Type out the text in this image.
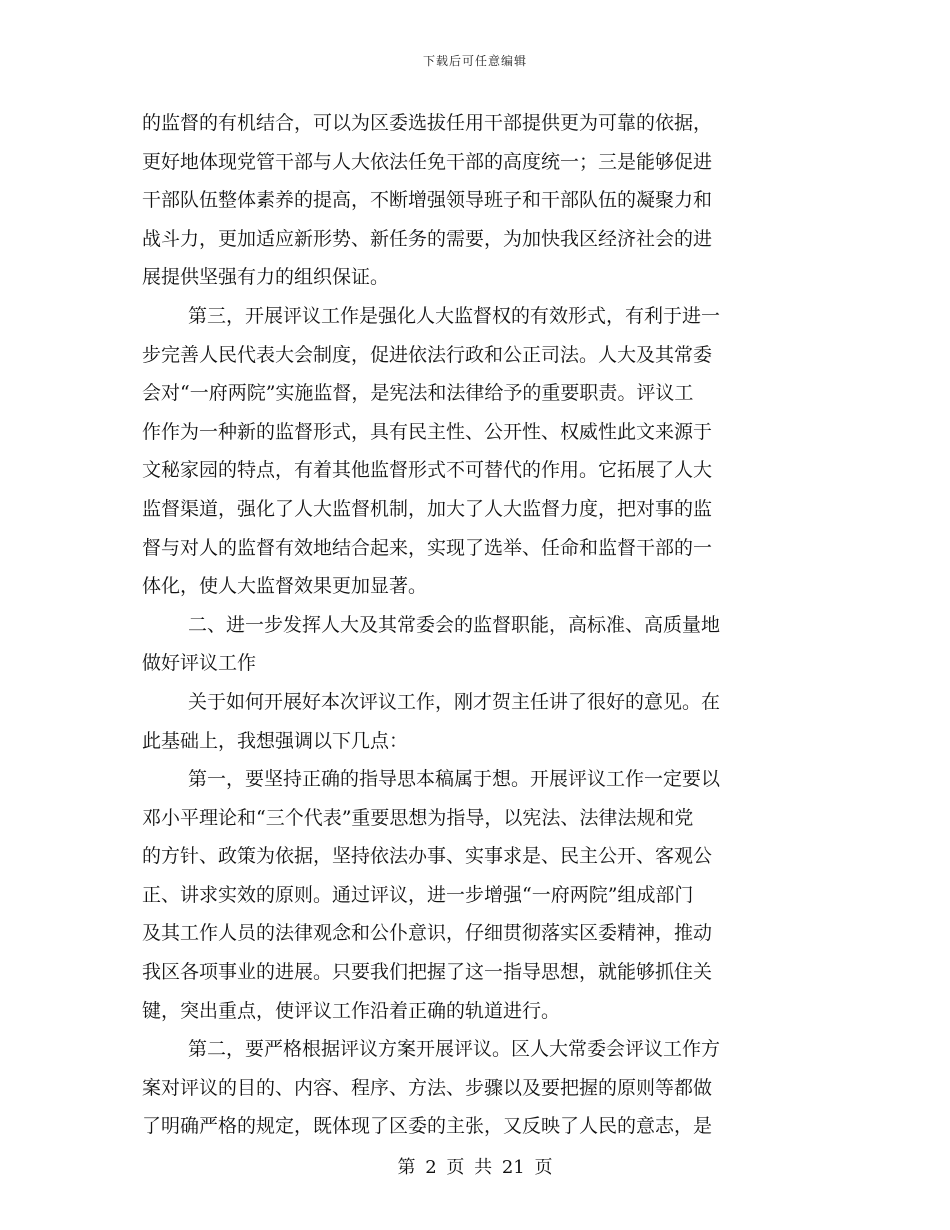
下载后可任意编辑
的监督的有机结合，可以为区委选拔任用干部提供更为可靠的依据，
更好地体现党管干部与人大依法任免干部的高度统一；三是能够促进
干部队伍整体素养的提高，不断增强领导班子和干部队伍的凝聚力和
战斗力，更加适应新形势、新任务的需要，为加快我区经济社会的进
展提供坚强有力的组织保证。
第三，开展评议工作是强化人大监督权的有效形式，有利于进一
步完善人民代表大会制度，促进依法行政和公正司法。人大及其常委
会对“一府两院”实施监督，是宪法和法律给予的重要职责。评议工
作作为一种新的监督形式，具有民主性、公开性、权威性此文来源于
文秘家园的特点，有着其他监督形式不可替代的作用。它拓展了人大
监督渠道，强化了人大监督机制，加大了人大监督力度，把对事的监
督与对人的监督有效地结合起来，实现了选举、任命和监督干部的一
体化，使人大监督效果更加显著。
二、进一步发挥人大及其常委会的监督职能，高标准、高质量地
做好评议工作
关于如何开展好本次评议工作，刚才贺主任讲了很好的意见。在
此基础上，我想强调以下几点：
第一，要坚持正确的指导思本稿属于想。开展评议工作一定要以
邓小平理论和“三个代表”重要思想为指导，以宪法、法律法规和党
的方针、政策为依据，坚持依法办事、实事求是、民主公开、客观公
正、讲求实效的原则。通过评议，进一步增强“一府两院”组成部门
及其工作人员的法律观念和公仆意识，仔细贯彻落实区委精神，推动
我区各项事业的进展。只要我们把握了这一指导思想，就能够抓住关
键，突出重点，使评议工作沿着正确的轨道进行。
第二，要严格根据评议方案开展评议。区人大常委会评议工作方
案对评议的目的、内容、程序、方法、步骤以及要把握的原则等都做
了明确严格的规定，既体现了区委的主张，又反映了人民的意志，是
第 2 页 共 21 页
